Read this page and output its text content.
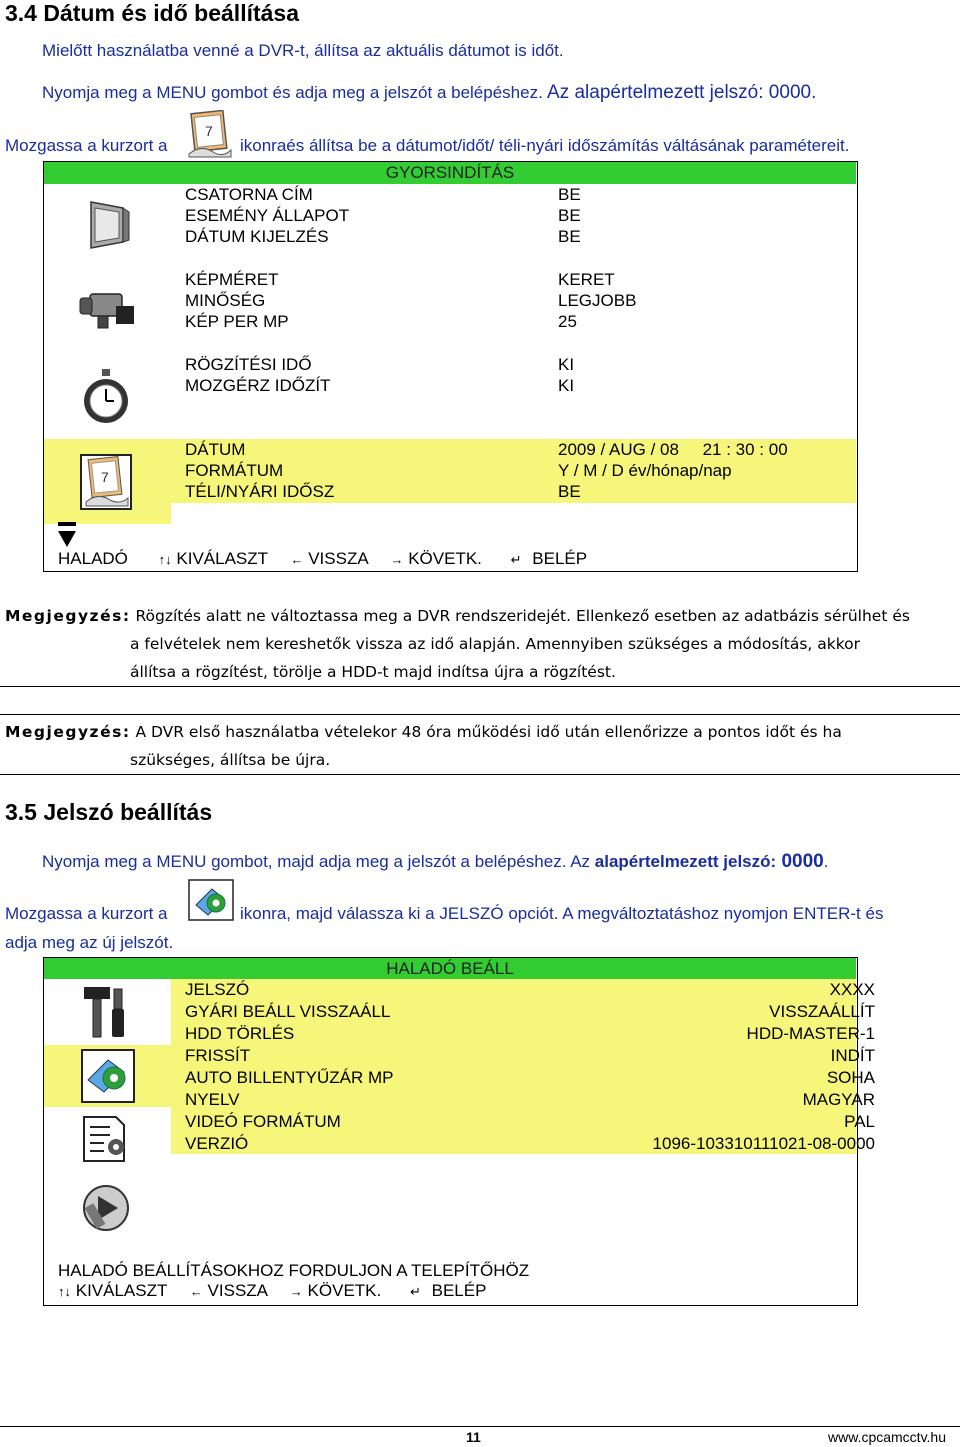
3.4 Dátum és idő beállítása
Mielőtt használatba venné a DVR-t, állítsa az aktuális dátumot is időt.
Nyomja meg a MENU gombot és adja meg a jelszót a belépéshez. Az alapértelmezett jelszó: 0000.
Mozgassa a kurzort a
7
ikonraés állítsa be a dátumot/időt/ téli-nyári időszámítás váltásának paramétereit.
GYORSINDÍTÁS
7
CSATORNA CÍM	BE
ESEMÉNY ÁLLAPOT	BE
DÁTUM KIJELZÉS	BE
KÉPMÉRET	KERET
MINŐSÉG	LEGJOBB
KÉP PER MP	25
RÖGZÍTÉSI IDŐ	KI
MOZGÉRZ IDŐZÍT	KI
DÁTUM	2009 / AUG / 08     21 : 30 : 00
FORMÁTUM	Y / M / D év/hónap/nap
TÉLI/NYÁRI IDŐSZ	BE
HALADÓ ↑↓ KIVÁLASZT ← VISSZA → KÖVETK. ↵ BELÉP
Megjegyzés: Rögzítés alatt ne változtassa meg a DVR rendszeridejét. Ellenkező esetben az adatbázis sérülhet és
a felvételek nem kereshetők vissza az idő alapján. Amennyiben szükséges a módosítás, akkor
állítsa a rögzítést, törölje a HDD-t majd indítsa újra a rögzítést.
Megjegyzés: A DVR első használatba vételekor 48 óra működési idő után ellenőrizze a pontos időt és ha
szükséges, állítsa be újra.
3.5 Jelszó beállítás
Nyomja meg a MENU gombot, majd adja meg a jelszót a belépéshez. Az alapértelmezett jelszó: 0000.
Mozgassa a kurzort a	ikonra, majd válassza ki a JELSZÓ opciót. A megváltoztatáshoz nyomjon ENTER-t és
adja meg az új jelszót.
HALADÓ BEÁLL
JELSZÓ	XXXX
GYÁRI BEÁLL VISSZAÁLL	VISSZAÁLLÍT
HDD TÖRLÉS	HDD-MASTER-1
FRISSÍT	INDÍT
AUTO BILLENTYŰZÁR MP	SOHA
NYELV	MAGYAR
VIDEÓ FORMÁTUM	PAL
VERZIÓ	1096-103310111021-08-0000
HALADÓ BEÁLLÍTÁSOKHOZ FORDULJON A TELEPÍTŐHÖZ
↑↓ KIVÁLASZT ← VISSZA → KÖVETK. ↵ BELÉP
11	www.cpcamcctv.hu
